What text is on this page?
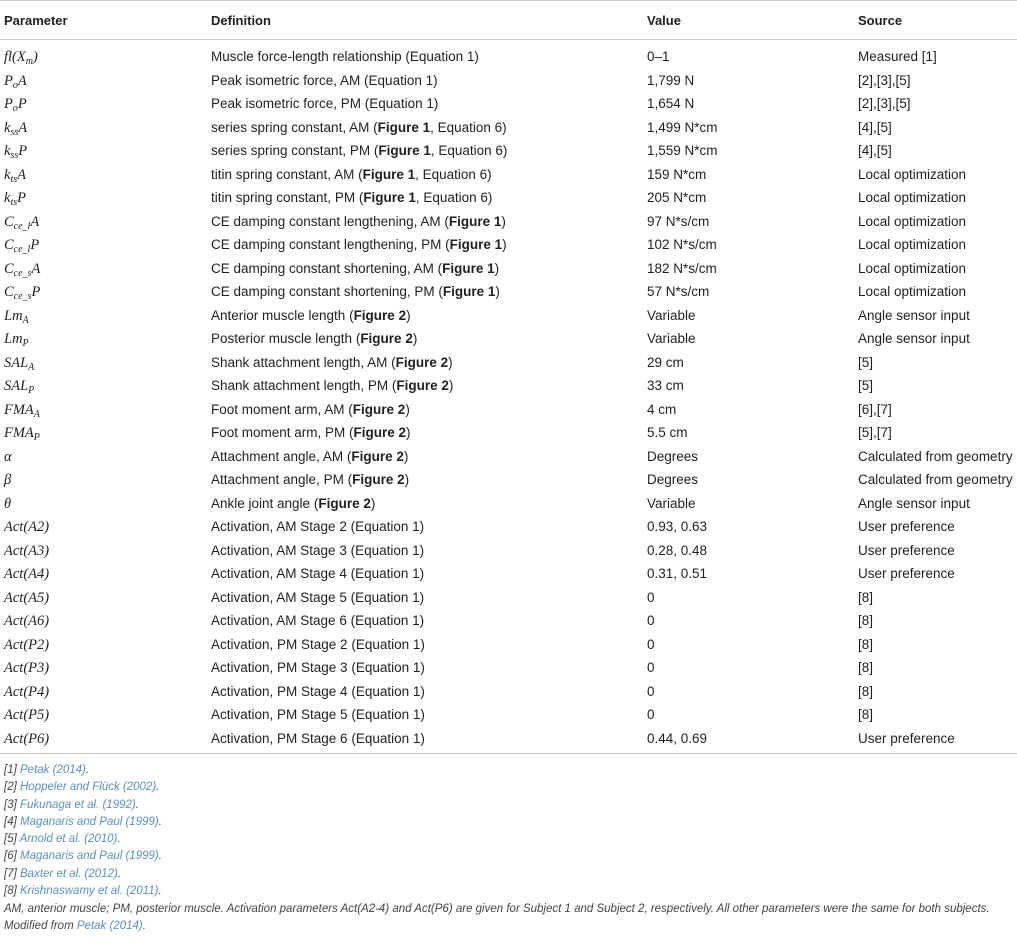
Parameter	Definition	Value	Source
$fl(X_m)$	Muscle force-length relationship (Equation 1)	0–1	Measured [1]
$P_oA$	Peak isometric force, AM (Equation 1)	1,799 N	[2],[3],[5]
$P_oP$	Peak isometric force, PM (Equation 1)	1,654 N	[2],[3],[5]
$k_{ss}A$	series spring constant, AM (Figure 1, Equation 6)	1,499 N*cm	[4],[5]
$k_{ss}P$	series spring constant, PM (Figure 1, Equation 6)	1,559 N*cm	[4],[5]
$k_{ts}A$	titin spring constant, AM (Figure 1, Equation 6)	159 N*cm	Local optimization
$k_{ts}P$	titin spring constant, PM (Figure 1, Equation 6)	205 N*cm	Local optimization
$C_{ce\_l}A$	CE damping constant lengthening, AM (Figure 1)	97 N*s/cm	Local optimization
$C_{ce\_l}P$	CE damping constant lengthening, PM (Figure 1)	102 N*s/cm	Local optimization
$C_{ce\_s}A$	CE damping constant shortening, AM (Figure 1)	182 N*s/cm	Local optimization
$C_{ce\_s}P$	CE damping constant shortening, PM (Figure 1)	57 N*s/cm	Local optimization
$Lm_A$	Anterior muscle length (Figure 2)	Variable	Angle sensor input
$Lm_P$	Posterior muscle length (Figure 2)	Variable	Angle sensor input
$SAL_A$	Shank attachment length, AM (Figure 2)	29 cm	[5]
$SAL_P$	Shank attachment length, PM (Figure 2)	33 cm	[5]
$FMA_A$	Foot moment arm, AM (Figure 2)	4 cm	[6],[7]
$FMA_P$	Foot moment arm, PM (Figure 2)	5.5 cm	[5],[7]
α	Attachment angle, AM (Figure 2)	Degrees	Calculated from geometry
β	Attachment angle, PM (Figure 2)	Degrees	Calculated from geometry
θ	Ankle joint angle (Figure 2)	Variable	Angle sensor input
Act(A2)	Activation, AM Stage 2 (Equation 1)	0.93, 0.63	User preference
Act(A3)	Activation, AM Stage 3 (Equation 1)	0.28, 0.48	User preference
Act(A4)	Activation, AM Stage 4 (Equation 1)	0.31, 0.51	User preference
Act(A5)	Activation, AM Stage 5 (Equation 1)	0	[8]
Act(A6)	Activation, AM Stage 6 (Equation 1)	0	[8]
Act(P2)	Activation, PM Stage 2 (Equation 1)	0	[8]
Act(P3)	Activation, PM Stage 3 (Equation 1)	0	[8]
Act(P4)	Activation, PM Stage 4 (Equation 1)	0	[8]
Act(P5)	Activation, PM Stage 5 (Equation 1)	0	[8]
Act(P6)	Activation, PM Stage 6 (Equation 1)	0.44, 0.69	User preference
[1] Petak (2014).
[2] Hoppeler and Flück (2002).
[3] Fukunaga et al. (1992).
[4] Maganaris and Paul (1999).
[5] Arnold et al. (2010).
[6] Maganaris and Paul (1999).
[7] Baxter et al. (2012).
[8] Krishnaswamy et al. (2011).
AM, anterior muscle; PM, posterior muscle. Activation parameters Act(A2-4) and Act(P6) are given for Subject 1 and Subject 2, respectively. All other parameters were the same for both subjects. Modified from Petak (2014).
